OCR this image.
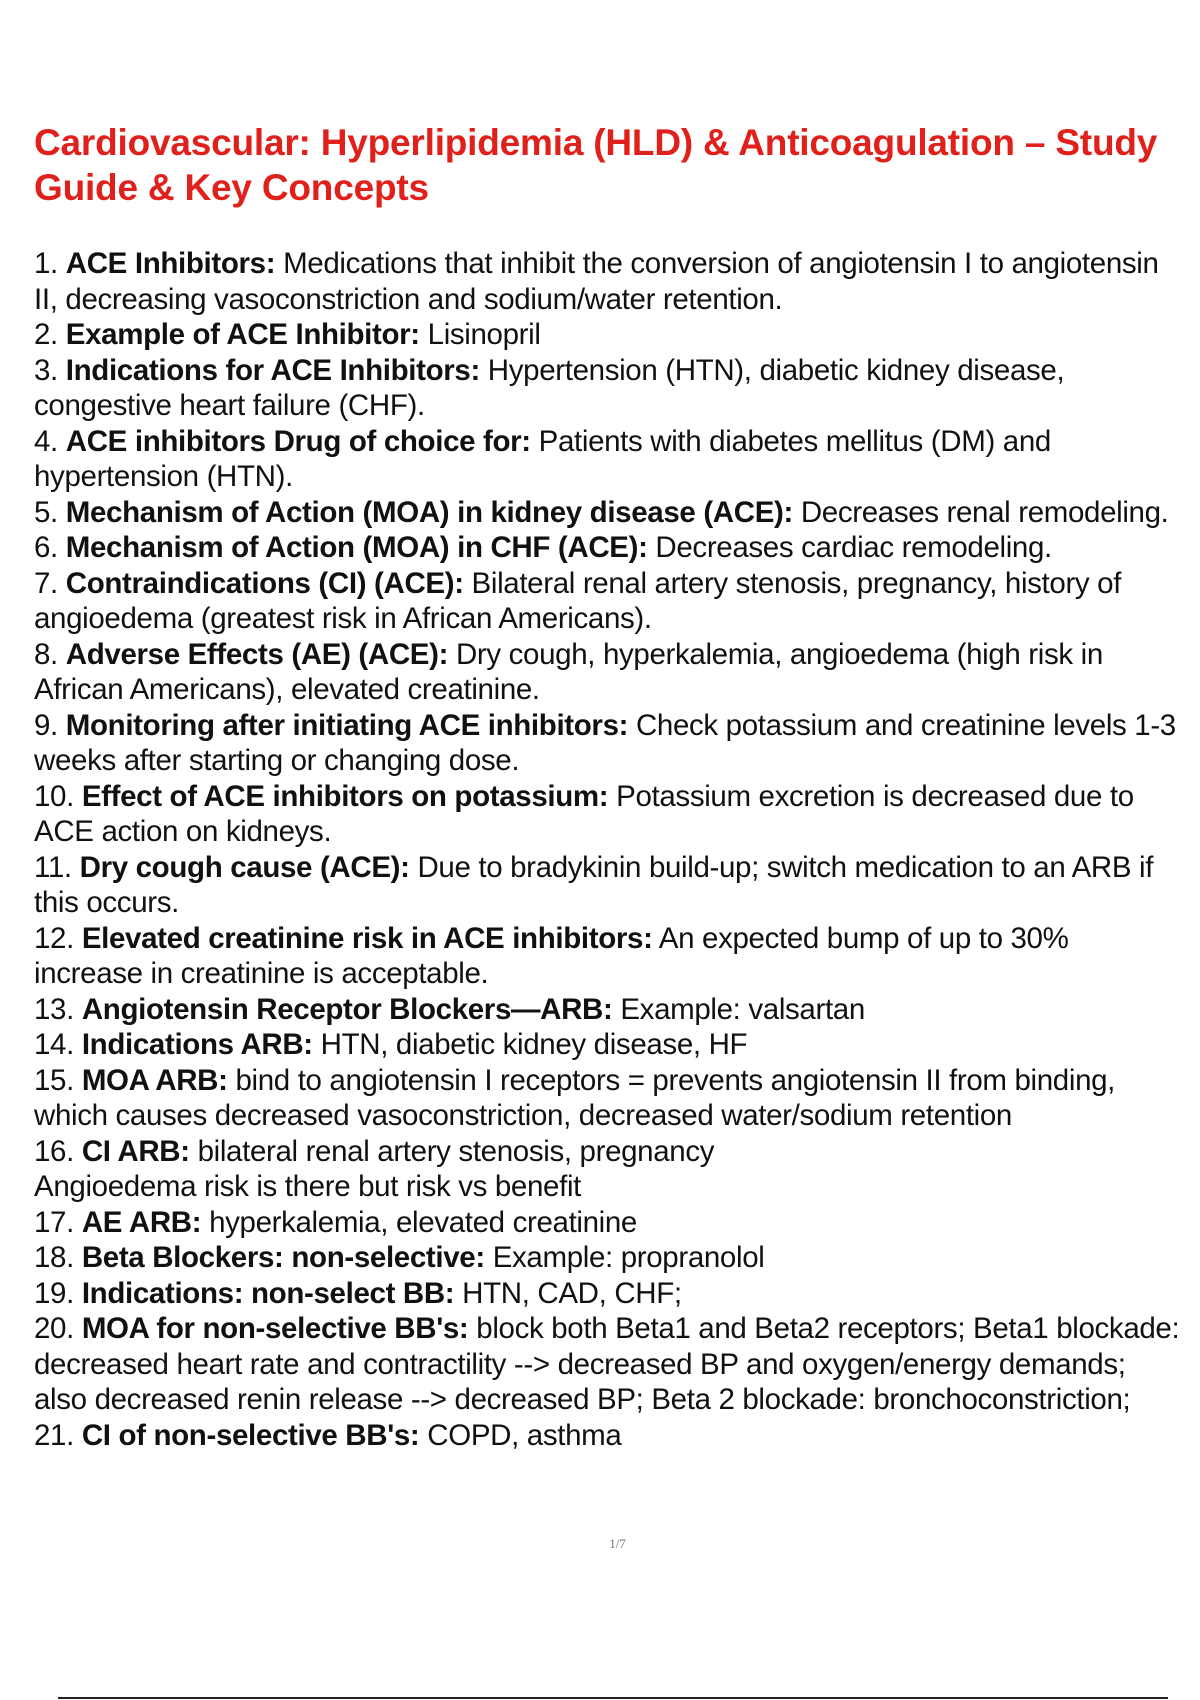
Cardiovascular: Hyperlipidemia (HLD) & Anticoagulation – Study Guide & Key Concepts

1. ACE Inhibitors: Medications that inhibit the conversion of angiotensin I to angiotensin II, decreasing vasoconstriction and sodium/water retention.

2. Example of ACE Inhibitor: Lisinopril

3. Indications for ACE Inhibitors: Hypertension (HTN), diabetic kidney disease, congestive heart failure (CHF).

4. ACE inhibitors Drug of choice for: Patients with diabetes mellitus (DM) and hypertension (HTN).

5. Mechanism of Action (MOA) in kidney disease (ACE): Decreases renal remodeling.

6. Mechanism of Action (MOA) in CHF (ACE): Decreases cardiac remodeling.

7. Contraindications (CI) (ACE): Bilateral renal artery stenosis, pregnancy, history of angioedema (greatest risk in African Americans).

8. Adverse Effects (AE) (ACE): Dry cough, hyperkalemia, angioedema (high risk in African Americans), elevated creatinine.

9. Monitoring after initiating ACE inhibitors: Check potassium and creatinine levels 1-3 weeks after starting or changing dose.

10. Effect of ACE inhibitors on potassium: Potassium excretion is decreased due to ACE action on kidneys.

11. Dry cough cause (ACE): Due to bradykinin build-up; switch medication to an ARB if this occurs.

12. Elevated creatinine risk in ACE inhibitors: An expected bump of up to 30% increase in creatinine is acceptable.

13. Angiotensin Receptor Blockers—ARB: Example: valsartan

14. Indications ARB: HTN, diabetic kidney disease, HF

15. MOA ARB: bind to angiotensin I receptors = prevents angiotensin II from binding, which causes decreased vasoconstriction, decreased water/sodium retention

16. CI ARB: bilateral renal artery stenosis, pregnancy
Angioedema risk is there but risk vs benefit

17. AE ARB: hyperkalemia, elevated creatinine

18. Beta Blockers: non-selective: Example: propranolol

19. Indications: non-select BB: HTN, CAD, CHF;

20. MOA for non-selective BB's: block both Beta1 and Beta2 receptors; Beta1 blockade: decreased heart rate and contractility --> decreased BP and oxygen/energy demands; also decreased renin release --> decreased BP; Beta 2 blockade: bronchoconstriction;

21. CI of non-selective BB's: COPD, asthma

1/7
